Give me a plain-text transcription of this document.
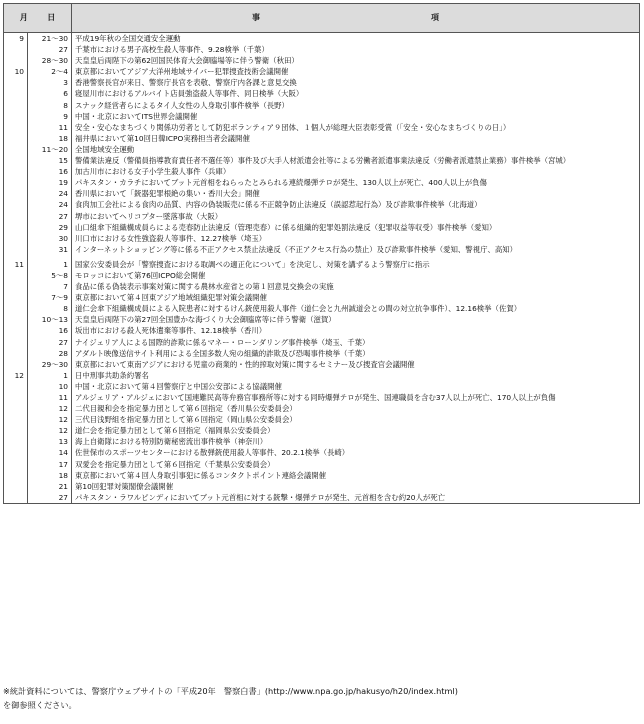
月 日		事 項

9	21～30	平成19年秋の全国交通安全運動
	27	千葉市における男子高校生殺人等事件、9.28検挙（千葉）
	28～30	天皇皇后両陛下の第62回国民体育大会御臨場等に伴う警衛（秋田）
10	2～4	東京都においてアジア大洋州地域サイバー犯罪捜査技術会議開催
	3	香港警察長官が来日、警察庁長官を表敬、警察庁内各課と意見交換
	6	寝屋川市におけるアルバイト店員強盗殺人等事件、同日検挙（大阪）
	8	スナック経営者らによるタイ人女性の人身取引事件検挙（長野）
	9	中国・北京においてITS世界会議開催
	11	安全・安心なまちづくり関係功労者として防犯ボランティア９団体、１個人が総理大臣表彰受賞（「安全・安心なまちづくりの日」）
	18	福井県において第10回日韓ICPO実務担当者会議開催
	11～20	全国地域安全運動
	15	警備業法違反（警備員指導教育責任者不選任等）事件及び大手人材派遣会社等による労働者派遣事業法違反（労働者派遣禁止業務）事件検挙（宮城）
	16	加古川市における女子小学生殺人事件（兵庫）
	19	パキスタン・カラチにおいてブット元首相をねらったとみられる連続爆弾テロが発生、130人以上が死亡、400人以上が負傷
	24	香川県において「銃器犯罪根絶の集い・香川大会」開催
	24	食肉加工会社による食肉の品質、内容の偽装販売に係る不正競争防止法違反（誤認惹起行為）及び詐欺事件検挙（北海道）
	27	堺市においてヘリコプター墜落事故（大阪）
	29	山口組傘下組織構成員らによる売春防止法違反（管理売春）に係る組織的犯罪処罰法違反（犯罪収益等収受）事件検挙（愛知）
	30	川口市における女性強盗殺人等事件、12.27検挙（埼玉）
	31	インターネットショッピング等に係る不正アクセス禁止法違反（不正アクセス行為の禁止）及び詐欺事件検挙（愛知、警視庁、高知）

11	1	国家公安委員会が「警察捜査における取調べの適正化について」を決定し、対策を講ずるよう警察庁に指示
	5～8	モロッコにおいて第76回ICPO総会開催
	7	食品に係る偽装表示事案対策に関する農林水産省との第１回意見交換会の実施
	7～9	東京都において第４回東アジア地域組織犯罪対策会議開催
	8	道仁会傘下組織構成員による入院患者に対するけん銃使用殺人事件（道仁会と九州誠道会との間の対立抗争事件）、12.16検挙（佐賀）
	10～13	天皇皇后両陛下の第27回全国豊かな海づくり大会御臨席等に伴う警衛（滋賀）
	16	坂出市における殺人死体遺棄等事件、12.18検挙（香川）
	27	ナイジェリア人による国際的詐欺に係るマネー・ローンダリング事件検挙（埼玉、千葉）
	28	アダルト映像送信サイト利用による全国多数人宛の組織的詐欺及び恐喝事件検挙（千葉）
	29～30	東京都において東南アジアにおける児童の商業的・性的搾取対策に関するセミナー及び捜査官会議開催
12	1	日中刑事共助条約署名
	10	中国・北京において第４回警察庁と中国公安部による協議開催
	11	アルジェリア・アルジェにおいて国連難民高等弁務官事務所等に対する同時爆弾テロが発生、国連職員を含む37人以上が死亡、170人以上が負傷
	12	二代目親和会を指定暴力団として第６回指定（香川県公安委員会）
	12	三代目浅野組を指定暴力団として第６回指定（岡山県公安委員会）
	12	道仁会を指定暴力団として第６回指定（福岡県公安委員会）
	13	海上自衛隊における特別防衛秘密流出事件検挙（神奈川）
	14	佐世保市のスポーツセンターにおける散弾銃使用殺人等事件、20.2.1検挙（長崎）
	17	双愛会を指定暴力団として第６回指定（千葉県公安委員会）
	18	東京都において第４回人身取引事犯に係るコンタクトポイント連絡会議開催
	21	第10回犯罪対策閣僚会議開催
	27	パキスタン・ラワルピンディにおいてブット元首相に対する銃撃・爆弾テロが発生、元首相を含む約20人が死亡
※統計資料については、警察庁ウェブサイトの「平成20年　警察白書」(http://www.npa.go.jp/hakusyo/h20/index.html)
を御参照ください。
